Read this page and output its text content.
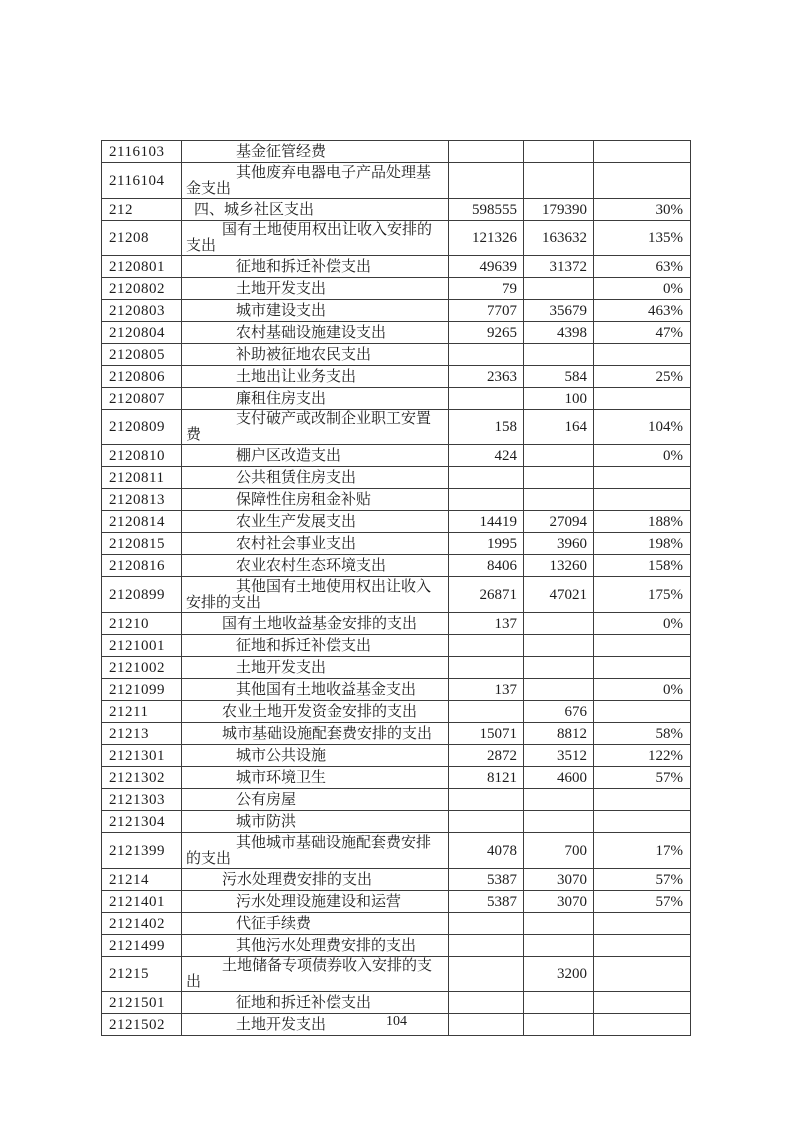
2116103	基金征管经费			
2116104	其他废弃电器电子产品处理基金支出			
212	四、城乡社区支出	598555	179390	30%
21208	国有土地使用权出让收入安排的支出	121326	163632	135%
2120801	征地和拆迁补偿支出	49639	31372	63%
2120802	土地开发支出	79		0%
2120803	城市建设支出	7707	35679	463%
2120804	农村基础设施建设支出	9265	4398	47%
2120805	补助被征地农民支出			
2120806	土地出让业务支出	2363	584	25%
2120807	廉租住房支出		100	
2120809	支付破产或改制企业职工安置费	158	164	104%
2120810	棚户区改造支出	424		0%
2120811	公共租赁住房支出			
2120813	保障性住房租金补贴			
2120814	农业生产发展支出	14419	27094	188%
2120815	农村社会事业支出	1995	3960	198%
2120816	农业农村生态环境支出	8406	13260	158%
2120899	其他国有土地使用权出让收入安排的支出	26871	47021	175%
21210	国有土地收益基金安排的支出	137		0%
2121001	征地和拆迁补偿支出			
2121002	土地开发支出			
2121099	其他国有土地收益基金支出	137		0%
21211	农业土地开发资金安排的支出		676	
21213	城市基础设施配套费安排的支出	15071	8812	58%
2121301	城市公共设施	2872	3512	122%
2121302	城市环境卫生	8121	4600	57%
2121303	公有房屋			
2121304	城市防洪			
2121399	其他城市基础设施配套费安排的支出	4078	700	17%
21214	污水处理费安排的支出	5387	3070	57%
2121401	污水处理设施建设和运营	5387	3070	57%
2121402	代征手续费			
2121499	其他污水处理费安排的支出			
21215	土地储备专项债券收入安排的支出		3200	
2121501	征地和拆迁补偿支出			
2121502	土地开发支出				104
